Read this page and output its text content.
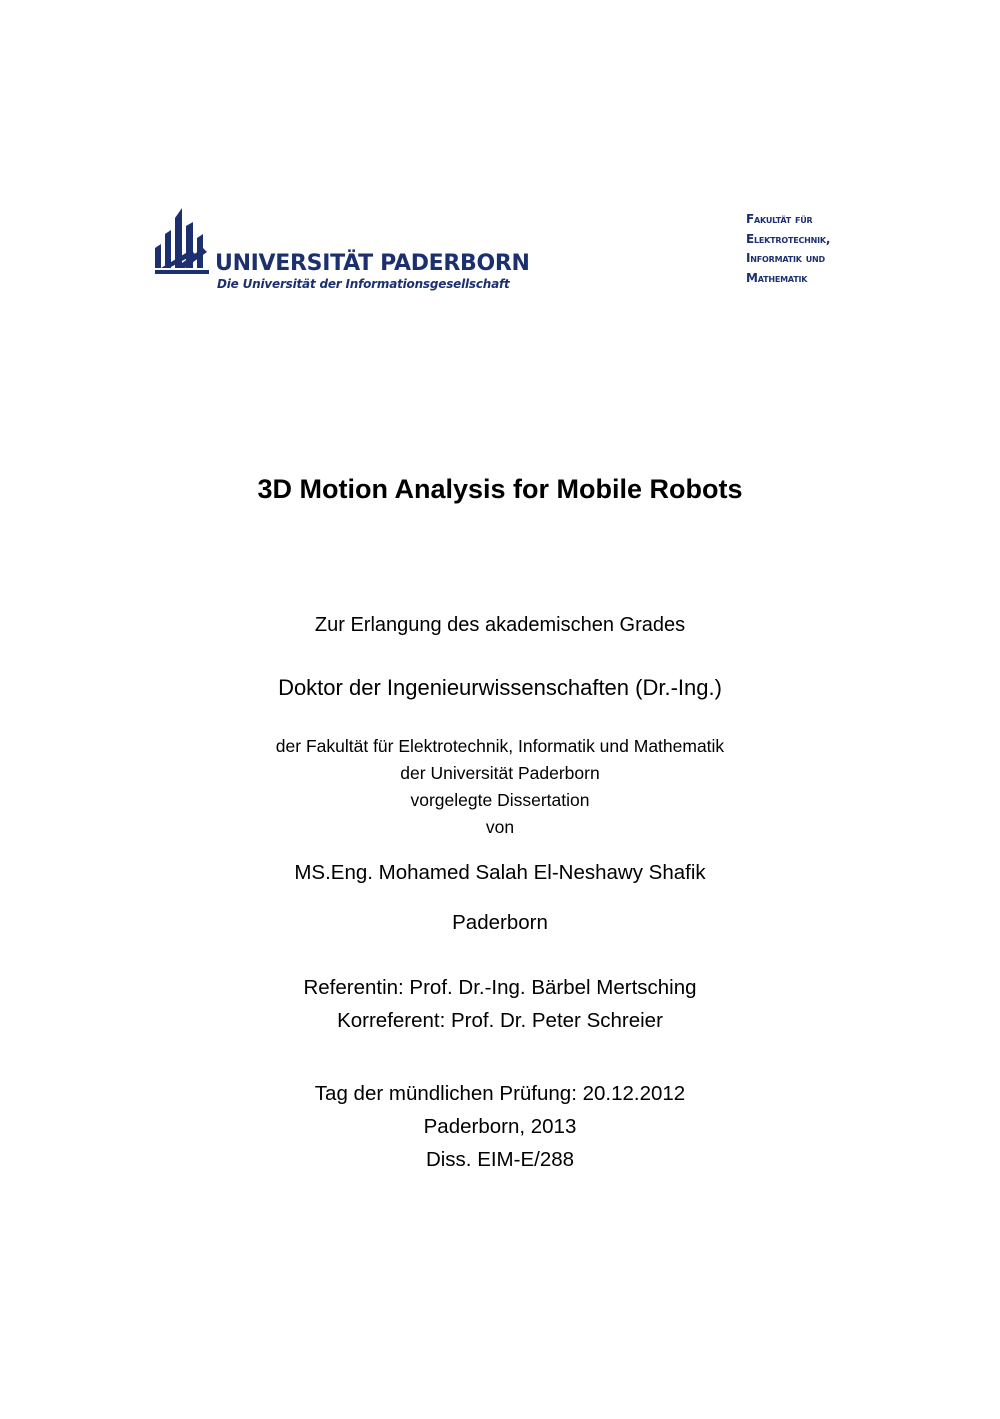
UNIVERSITÄT PADERBORN
Die Universität der Informationsgesellschaft
Fakultät für
Elektrotechnik,
Informatik und
Mathematik
3D Motion Analysis for Mobile Robots
Zur Erlangung des akademischen Grades
Doktor der Ingenieurwissenschaften (Dr.-Ing.)
der Fakultät für Elektrotechnik, Informatik und Mathematik
der Universität Paderborn
vorgelegte Dissertation
von
MS.Eng. Mohamed Salah El-Neshawy Shafik
Paderborn
Referentin: Prof. Dr.-Ing. Bärbel Mertsching
Korreferent: Prof. Dr. Peter Schreier
Tag der mündlichen Prüfung: 20.12.2012
Paderborn, 2013
Diss. EIM-E/288
